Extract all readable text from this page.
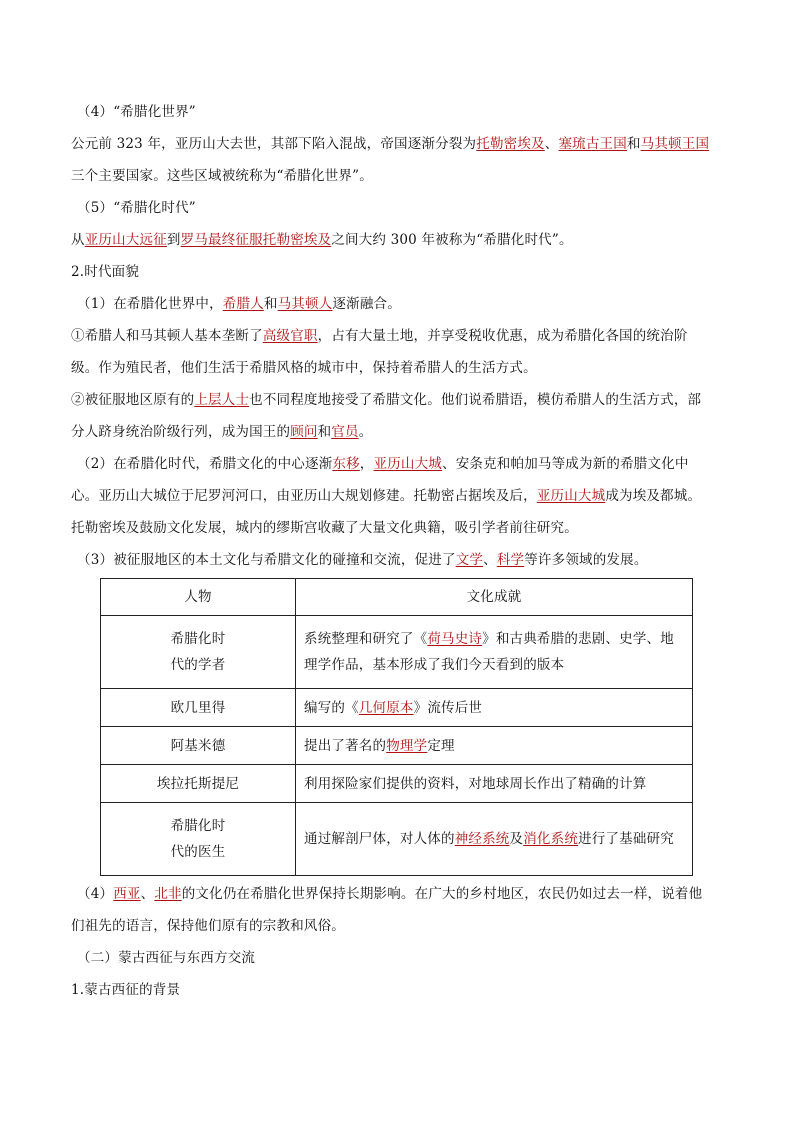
（4）“希腊化世界”

公元前 323 年，亚历山大去世，其部下陷入混战，帝国逐渐分裂为托勒密埃及、塞琉古王国和马其顿王国

三个主要国家。这些区域被统称为“希腊化世界”。

（5）“希腊化时代”

从亚历山大远征到罗马最终征服托勒密埃及之间大约 300 年被称为“希腊化时代”。

2.时代面貌

（1）在希腊化世界中，希腊人和马其顿人逐渐融合。

①希腊人和马其顿人基本垄断了高级官职，占有大量土地，并享受税收优惠，成为希腊化各国的统治阶

级。作为殖民者，他们生活于希腊风格的城市中，保持着希腊人的生活方式。

②被征服地区原有的上层人士也不同程度地接受了希腊文化。他们说希腊语，模仿希腊人的生活方式，部

分人跻身统治阶级行列，成为国王的顾问和官员。

（2）在希腊化时代，希腊文化的中心逐渐东移，亚历山大城、安条克和帕加马等成为新的希腊文化中

心。亚历山大城位于尼罗河河口，由亚历山大规划修建。托勒密占据埃及后，亚历山大城成为埃及都城。

托勒密埃及鼓励文化发展，城内的缪斯宫收藏了大量文化典籍，吸引学者前往研究。

（3）被征服地区的本土文化与希腊文化的碰撞和交流，促进了文学、科学等许多领域的发展。

人物	文化成就

希腊化时
代的学者	系统整理和研究了《荷马史诗》和古典希腊的悲剧、史学、地
理学作品，基本形成了我们今天看到的版本

欧几里得	编写的《几何原本》流传后世
阿基米德	提出了著名的物理学定理
埃拉托斯提尼	利用探险家们提供的资料，对地球周长作出了精确的计算

希腊化时
代的医生	通过解剖尸体，对人体的神经系统及消化系统进行了基础研究

（4）西亚、北非的文化仍在希腊化世界保持长期影响。在广大的乡村地区，农民仍如过去一样，说着他

们祖先的语言，保持他们原有的宗教和风俗。

（二）蒙古西征与东西方交流

1.蒙古西征的背景
